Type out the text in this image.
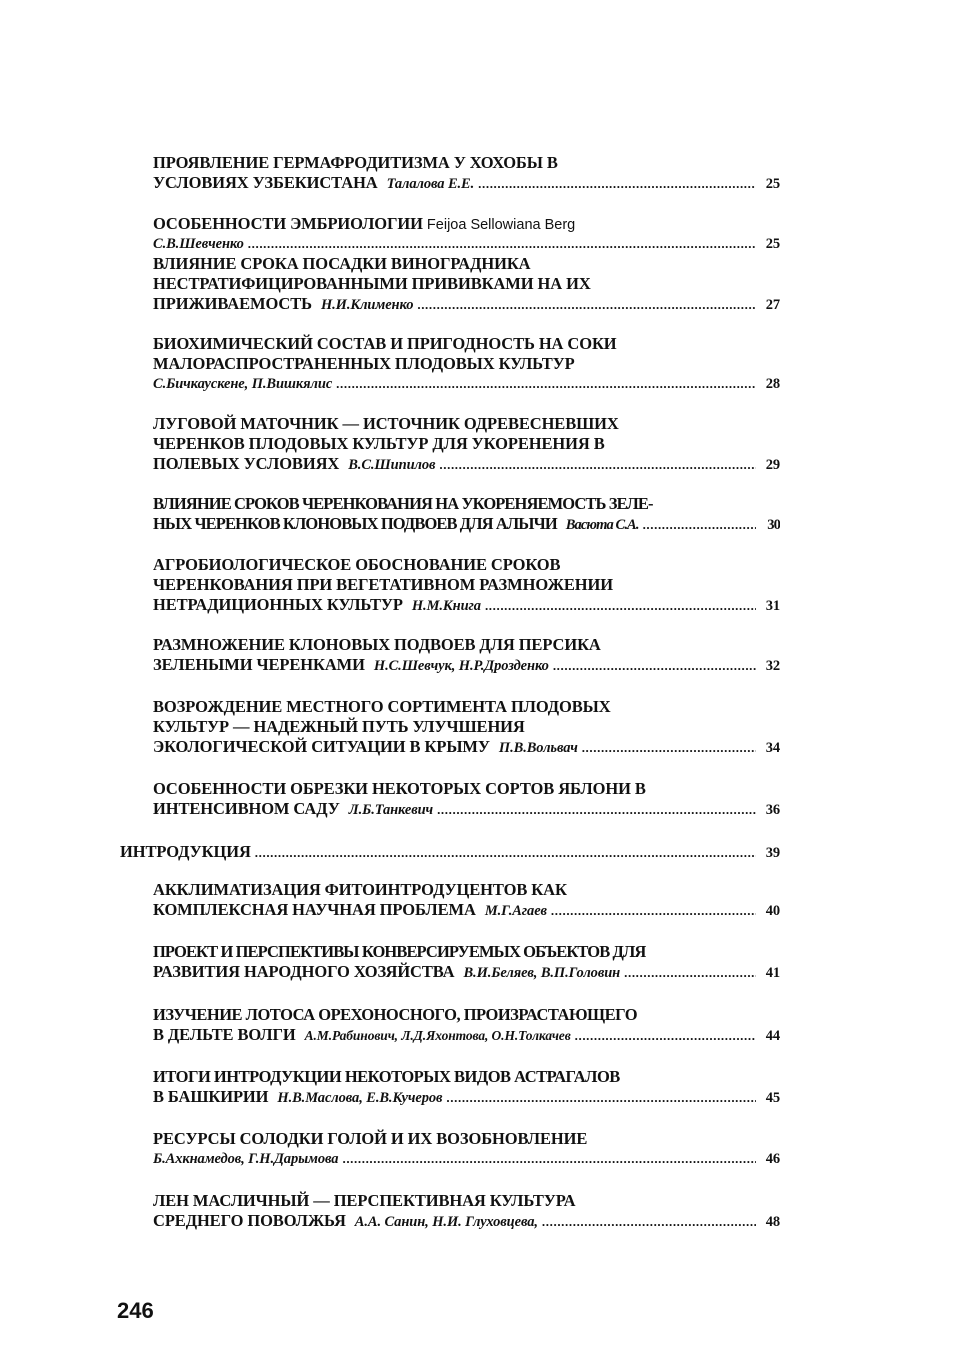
ПРОЯВЛЕНИЕ ГЕРМАФРОДИТИЗМА У ХОХОБЫ В
УСЛОВИЯХ УЗБЕКИСТАНА Талалова Е.Е. .....	25
ОСОБЕННОСТИ ЭМБРИОЛОГИИ Feijoa Sellowiana Berg
С.В.Шевченко .....	25
ВЛИЯНИЕ СРОКА ПОСАДКИ ВИНОГРАДНИКА
НЕСТРАТИФИЦИРОВАННЫМИ ПРИВИВКАМИ НА ИХ
ПРИЖИВАЕМОСТЬ Н.И.Клименко .....	27
БИОХИМИЧЕСКИЙ СОСТАВ И ПРИГОДНОСТЬ НА СОКИ
МАЛОРАСПРОСТРАНЕННЫХ ПЛОДОВЫХ КУЛЬТУР
С.Бичкаускене, П.Вишкялис .....	28
ЛУГОВОЙ МАТОЧНИК — ИСТОЧНИК ОДРЕВЕСНЕВШИХ
ЧЕРЕНКОВ ПЛОДОВЫХ КУЛЬТУР ДЛЯ УКОРЕНЕНИЯ В
ПОЛЕВЫХ УСЛОВИЯХ В.С.Шипилов .....	29
ВЛИЯНИЕ СРОКОВ ЧЕРЕНКОВАНИЯ НА УКОРЕНЯЕМОСТЬ ЗЕЛЕ-
НЫХ ЧЕРЕНКОВ КЛОНОВЫХ ПОДВОЕВ ДЛЯ АЛЫЧИ Васюта С.А. .....	30
АГРОБИОЛОГИЧЕСКОЕ ОБОСНОВАНИЕ СРОКОВ
ЧЕРЕНКОВАНИЯ ПРИ ВЕГЕТАТИВНОМ РАЗМНОЖЕНИИ
НЕТРАДИЦИОННЫХ КУЛЬТУР Н.М.Книга .....	31
РАЗМНОЖЕНИЕ КЛОНОВЫХ ПОДВОЕВ ДЛЯ ПЕРСИКА
ЗЕЛЕНЫМИ ЧЕРЕНКАМИ Н.С.Шевчук, Н.Р.Дрозденко .....	32
ВОЗРОЖДЕНИЕ МЕСТНОГО СОРТИМЕНТА ПЛОДОВЫХ
КУЛЬТУР — НАДЕЖНЫЙ ПУТЬ УЛУЧШЕНИЯ
ЭКОЛОГИЧЕСКОЙ СИТУАЦИИ В КРЫМУ П.В.Вольвач .....	34
ОСОБЕННОСТИ ОБРЕЗКИ НЕКОТОРЫХ СОРТОВ ЯБЛОНИ В
ИНТЕНСИВНОМ САДУ Л.Б.Танкевич .....	36
ИНТРОДУКЦИЯ .....	39
АККЛИМАТИЗАЦИЯ ФИТОИНТРОДУЦЕНТОВ КАК
КОМПЛЕКСНАЯ НАУЧНАЯ ПРОБЛЕМА М.Г.Агаев .....	40
ПРОЕКТ И ПЕРСПЕКТИВЫ КОНВЕРСИРУЕМЫХ ОБЪЕКТОВ ДЛЯ
РАЗВИТИЯ НАРОДНОГО ХОЗЯЙСТВА В.И.Беляев, В.П.Головин .....	41
ИЗУЧЕНИЕ ЛОТОСА ОРЕХОНОСНОГО, ПРОИЗРАСТАЮЩЕГО
В ДЕЛЬТЕ ВОЛГИ А.М.Рабинович, Л.Д.Яхонтова, О.Н.Толкачев .....	44
ИТОГИ ИНТРОДУКЦИИ НЕКОТОРЫХ ВИДОВ АСТРАГАЛОВ
В БАШКИРИИ Н.В.Маслова, Е.В.Кучеров .....	45
РЕСУРСЫ СОЛОДКИ ГОЛОЙ И ИХ ВОЗОБНОВЛЕНИЕ
Б.Ахкнамедов, Г.Н.Дарымова .....	46
ЛЕН МАСЛИЧНЫЙ — ПЕРСПЕКТИВНАЯ КУЛЬТУРА
СРЕДНЕГО ПОВОЛЖЬЯ А.А. Санин, Н.И. Глуховцева, .....	48
246
